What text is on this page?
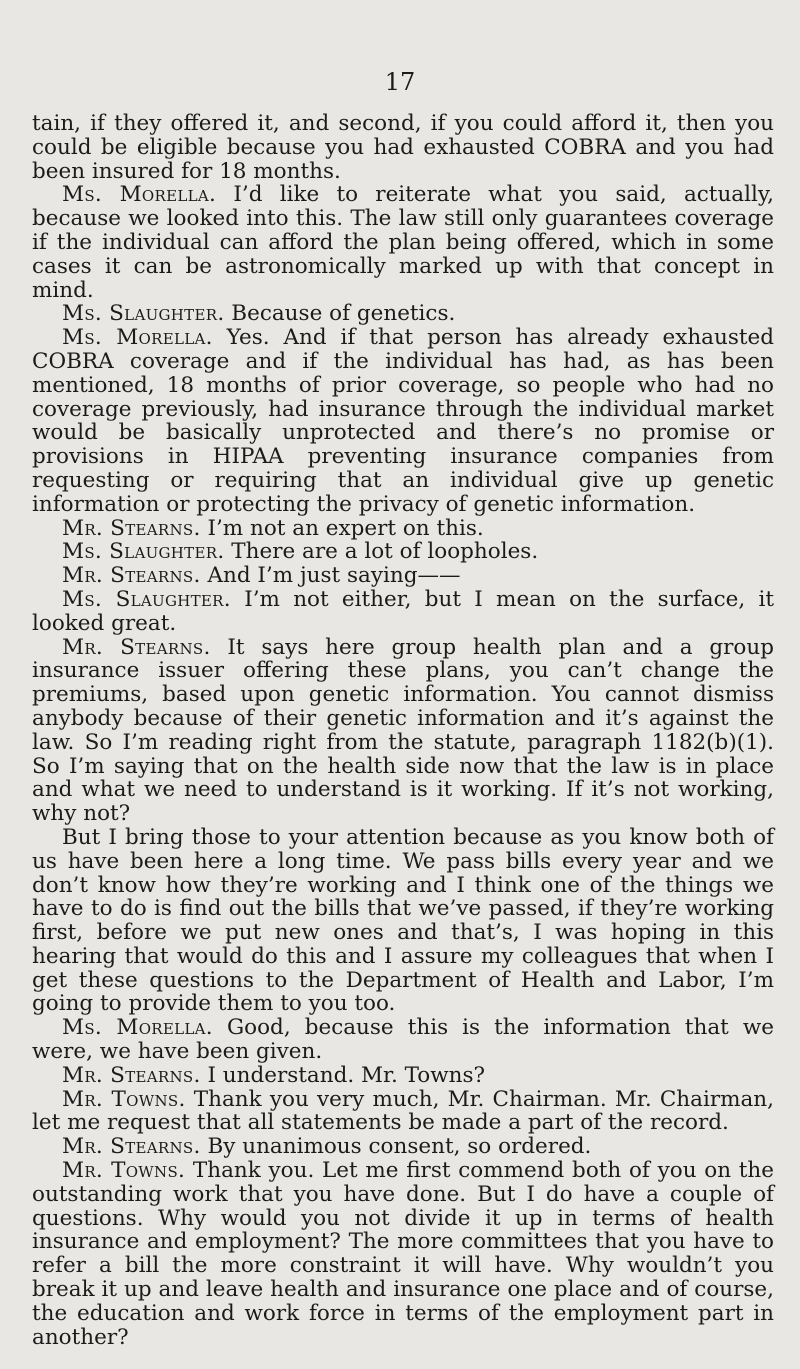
17

tain, if they offered it, and second, if you could afford it, then you could be eligible because you had exhausted COBRA and you had been insured for 18 months.

Ms. Morella. I’d like to reiterate what you said, actually, because we looked into this. The law still only guarantees coverage if the individual can afford the plan being offered, which in some cases it can be astronomically marked up with that concept in mind.

Ms. Slaughter. Because of genetics.

Ms. Morella. Yes. And if that person has already exhausted COBRA coverage and if the individual has had, as has been mentioned, 18 months of prior coverage, so people who had no coverage previously, had insurance through the individual market would be basically unprotected and there’s no promise or provisions in HIPAA preventing insurance companies from requesting or requiring that an individual give up genetic information or protecting the privacy of genetic information.

Mr. Stearns. I’m not an expert on this.

Ms. Slaughter. There are a lot of loopholes.

Mr. Stearns. And I’m just saying——

Ms. Slaughter. I’m not either, but I mean on the surface, it looked great.

Mr. Stearns. It says here group health plan and a group insurance issuer offering these plans, you can’t change the premiums, based upon genetic information. You cannot dismiss anybody because of their genetic information and it’s against the law. So I’m reading right from the statute, paragraph 1182(b)(1). So I’m saying that on the health side now that the law is in place and what we need to understand is it working. If it’s not working, why not?

But I bring those to your attention because as you know both of us have been here a long time. We pass bills every year and we don’t know how they’re working and I think one of the things we have to do is find out the bills that we’ve passed, if they’re working first, before we put new ones and that’s, I was hoping in this hearing that would do this and I assure my colleagues that when I get these questions to the Department of Health and Labor, I’m going to provide them to you too.

Ms. Morella. Good, because this is the information that we were, we have been given.

Mr. Stearns. I understand. Mr. Towns?

Mr. Towns. Thank you very much, Mr. Chairman. Mr. Chairman, let me request that all statements be made a part of the record.

Mr. Stearns. By unanimous consent, so ordered.

Mr. Towns. Thank you. Let me first commend both of you on the outstanding work that you have done. But I do have a couple of questions. Why would you not divide it up in terms of health insurance and employment? The more committees that you have to refer a bill the more constraint it will have. Why wouldn’t you break it up and leave health and insurance one place and of course, the education and work force in terms of the employment part in another?
